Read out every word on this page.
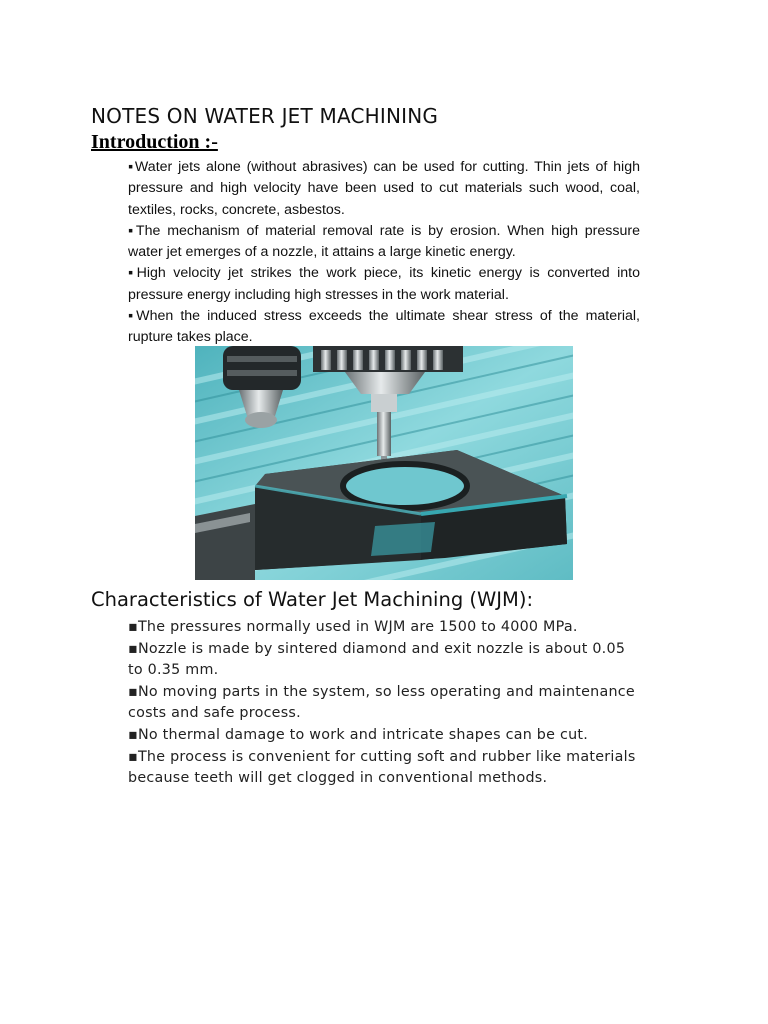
NOTES ON WATER JET MACHINING
Introduction :-

▪Water jets alone (without abrasives) can be used for cutting. Thin jets of high pressure and high velocity have been used to cut materials such wood, coal, textiles, rocks, concrete, asbestos.

▪The mechanism of material removal rate is by erosion. When high pressure water jet emerges of a nozzle, it attains a large kinetic energy.

▪High velocity jet strikes the work piece, its kinetic energy is converted into pressure energy including high stresses in the work material.

▪When the induced stress exceeds the ultimate shear stress of the material, rupture takes place.

Characteristics of Water Jet Machining (WJM):

▪The pressures normally used in WJM are 1500 to 4000 MPa.

▪Nozzle is made by sintered diamond and exit nozzle is about 0.05 to 0.35 mm.

▪No moving parts in the system, so less operating and maintenance costs and safe process.

▪No thermal damage to work and intricate shapes can be cut.

▪The process is convenient for cutting soft and rubber like materials because teeth will get clogged in conventional methods.
